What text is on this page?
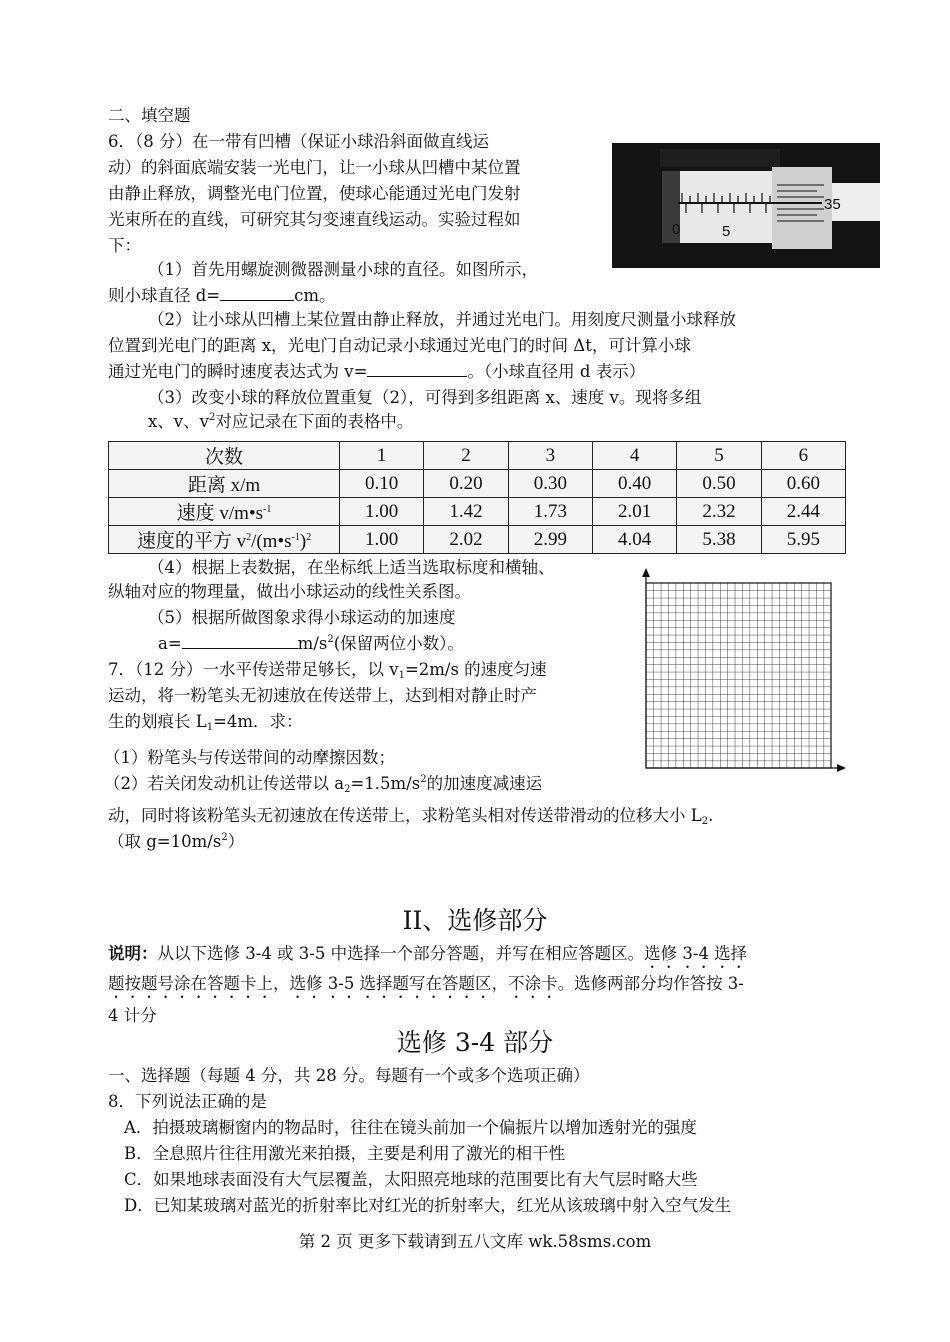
二、填空题
6．（8 分）在一带有凹槽（保证小球沿斜面做直线运
动）的斜面底端安装一光电门，让一小球从凹槽中某位置
由静止释放，调整光电门位置，使球心能通过光电门发射
光束所在的直线，可研究其匀变速直线运动。实验过程如
下：
0	5
35
（1）首先用螺旋测微器测量小球的直径。如图所示，
则小球直径 d=	cm。
（2）让小球从凹槽上某位置由静止释放，并通过光电门。用刻度尺测量小球释放
位置到光电门的距离 x，光电门自动记录小球通过光电门的时间 Δt，可计算小球
通过光电门的瞬时速度表达式为 v=	。（小球直径用 d 表示）
（3）改变小球的释放位置重复（2），可得到多组距离 x、速度 v。现将多组
x、v、$v^2$对应记录在下面的表格中。
次数	1	2	3	4	5	6
距离 x/m	0.10	0.20	0.30	0.40	0.50	0.60
速度 $v/m•s^{-1}$	1.00	1.42	1.73	2.01	2.32	2.44
速度的平方 $v^2/(m•s^{-1})^2$	1.00	2.02	2.99	4.04	5.38	5.95
（4）根据上表数据，在坐标纸上适当选取标度和横轴、
纵轴对应的物理量，做出小球运动的线性关系图。
（5）根据所做图象求得小球运动的加速度
a=	$m/s^2$(保留两位小数）。
7．（12 分）一水平传送带足够长，以 $v_1=2m/s$ 的速度匀速
运动，将一粉笔头无初速放在传送带上，达到相对静止时产
生的划痕长 $L_1=4m$．求：
（1）粉笔头与传送带间的动摩擦因数；
（2）若关闭发动机让传送带以 $a_2=1.5m/s^2$的加速度减速运
动，同时将该粉笔头无初速放在传送带上，求粉笔头相对传送带滑动的位移大小 $L_2$.
（取 $g=10m/s^2$）
II、选修部分
说明：从以下选修 3-4 或 3-5 中选择一个部分答题，并写在相应答题区。选修 3-4 选择
题按题号涂在答题卡上，选修 3-5 选择题写在答题区，不涂卡。选修两部分均作答按 3-
4 计分
选修 3-4 部分
一、选择题（每题 4 分，共 28 分。每题有一个或多个选项正确）
8．下列说法正确的是
A．拍摄玻璃橱窗内的物品时，往往在镜头前加一个偏振片以增加透射光的强度
B．全息照片往往用激光来拍摄，主要是利用了激光的相干性
C．如果地球表面没有大气层覆盖，太阳照亮地球的范围要比有大气层时略大些
D．已知某玻璃对蓝光的折射率比对红光的折射率大，红光从该玻璃中射入空气发生
第 2 页 更多下载请到五八文库 wk.58sms.com
